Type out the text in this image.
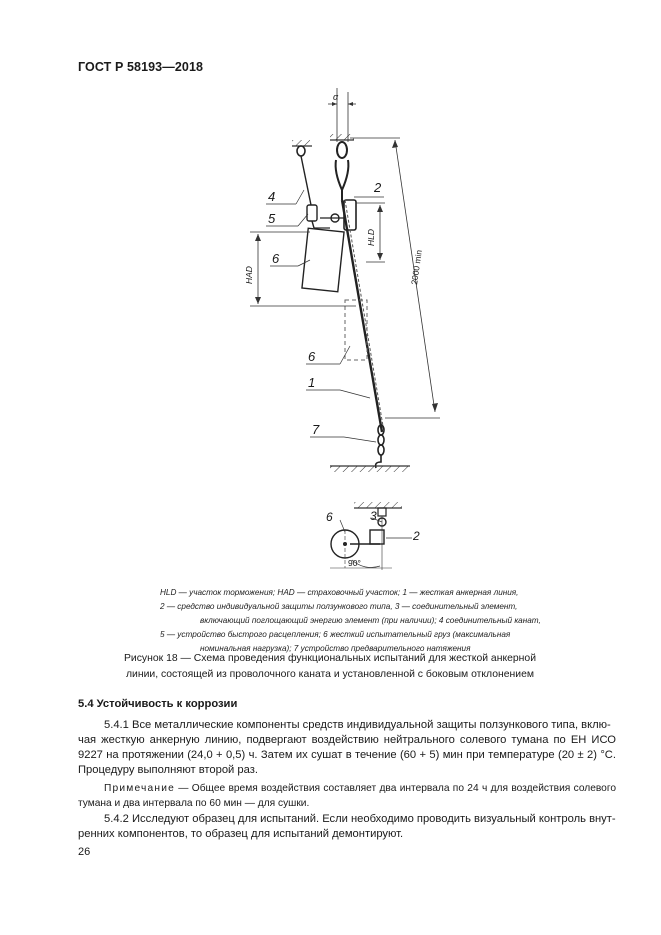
ГОСТ Р 58193—2018
α
2000 min
HLD
HAD
4
5
6
2
6
1
7
3
6
2
90°
HLD — участок торможения; HAD — страховочный участок; 1 — жесткая анкерная линия,
2 — средство индивидуальной защиты ползункового типа, 3 — соединительный элемент,
включающий поглощающий энергию элемент (при наличии); 4 соединительный канат,
5 — устройство быстрого расцепления; 6 жесткий испытательный груз (максимальная
номинальная нагрузка); 7 устройство предварительного натяжения
Рисунок 18 — Схема проведения функциональных испытаний для жесткой анкерной
линии, состоящей из проволочного каната и установленной с боковым отклонением
5.4 Устойчивость к коррозии
5.4.1 Все металлические компоненты средств индивидуальной защиты ползункового типа, вклю-
чая жесткую анкерную линию, подвергают воздействию нейтрального солевого тумана по ЕН ИСО 9227 на протяжении (24,0 + 0,5) ч. Затем их сушат в течение (60 + 5) мин при температуре (20 ± 2) °С. Процедуру выполняют второй раз.
Примечание — Общее время воздействия составляет два интервала по 24 ч для воздействия солевого тумана и два интервала по 60 мин — для сушки.
5.4.2 Исследуют образец для испытаний. Если необходимо проводить визуальный контроль внут-
ренних компонентов, то образец для испытаний демонтируют.
26
